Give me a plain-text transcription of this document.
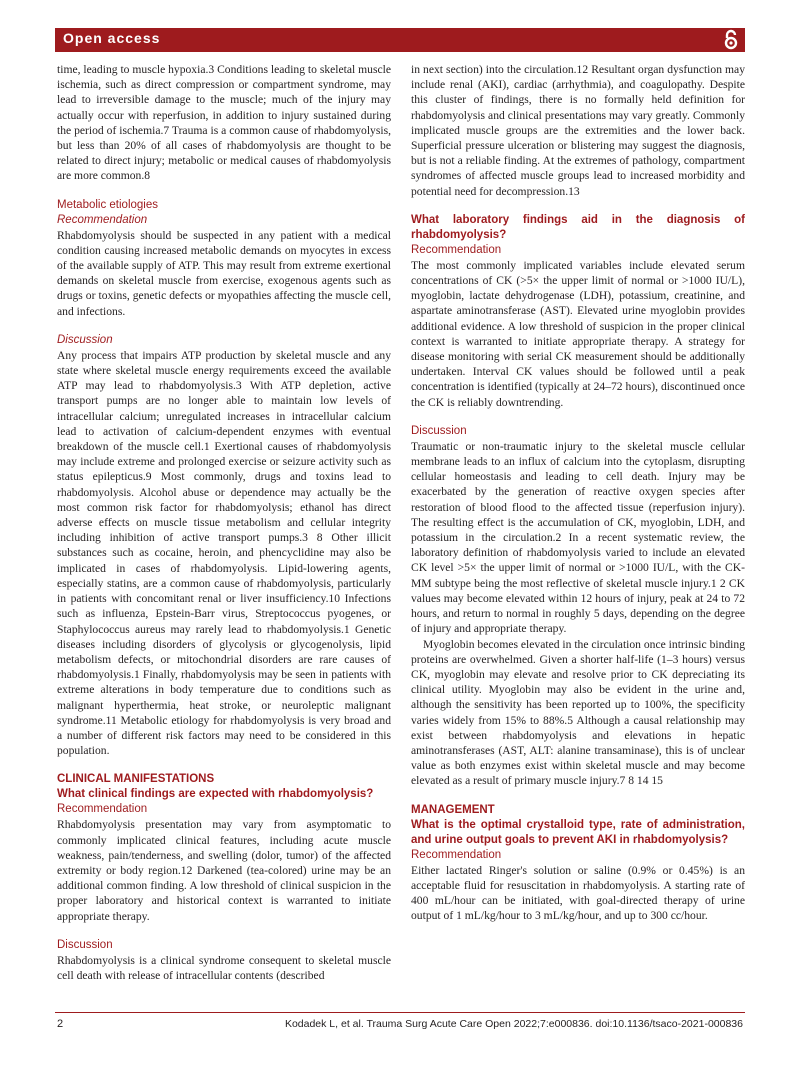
Open access

time, leading to muscle hypoxia.3 Conditions leading to skeletal muscle ischemia, such as direct compression or compartment syndrome, may lead to irreversible damage to the muscle; much of the injury may actually occur with reperfusion, in addition to injury sustained during the period of ischemia.7 Trauma is a common cause of rhabdomyolysis, but less than 20% of all cases of rhabdomyolysis are thought to be related to direct injury; metabolic or medical causes of rhabdomyolysis are more common.8

Metabolic etiologies
Recommendation

Rhabdomyolysis should be suspected in any patient with a medical condition causing increased metabolic demands on myocytes in excess of the available supply of ATP. This may result from extreme exertional demands on skeletal muscle from exercise, exogenous agents such as drugs or toxins, genetic defects or myopathies affecting the muscle cell, and infections.

Discussion

Any process that impairs ATP production by skeletal muscle and any state where skeletal muscle energy requirements exceed the available ATP may lead to rhabdomyolysis.3 With ATP depletion, active transport pumps are no longer able to maintain low levels of intracellular calcium; unregulated increases in intracellular calcium lead to activation of calcium-dependent enzymes with eventual breakdown of the muscle cell.1 Exertional causes of rhabdomyolysis may include extreme and prolonged exercise or seizure activity such as status epilepticus.9 Most commonly, drugs and toxins lead to rhabdomyolysis. Alcohol abuse or dependence may actually be the most common risk factor for rhabdomyolysis; ethanol has direct adverse effects on muscle tissue metabolism and cellular integrity including inhibition of active transport pumps.3 8 Other illicit substances such as cocaine, heroin, and phencyclidine may also be implicated in cases of rhabdomyolysis. Lipid-lowering agents, especially statins, are a common cause of rhabdomyolysis, particularly in patients with concomitant renal or liver insufficiency.10 Infections such as influenza, Epstein-Barr virus, Streptococcus pyogenes, or Staphylococcus aureus may rarely lead to rhabdomyolysis.1 Genetic diseases including disorders of glycolysis or glycogenolysis, lipid metabolism defects, or mitochondrial disorders are rare causes of rhabdomyolysis.1 Finally, rhabdomyolysis may be seen in patients with extreme alterations in body temperature due to conditions such as malignant hyperthermia, heat stroke, or neuroleptic malignant syndrome.11 Metabolic etiology for rhabdomyolysis is very broad and a number of different risk factors may need to be considered in this population.

CLINICAL MANIFESTATIONS
What clinical findings are expected with rhabdomyolysis?
Recommendation

Rhabdomyolysis presentation may vary from asymptomatic to commonly implicated clinical features, including acute muscle weakness, pain/tenderness, and swelling (dolor, tumor) of the affected extremity or body region.12 Darkened (tea-colored) urine may be an additional common finding. A low threshold of clinical suspicion in the proper laboratory and historical context is warranted to initiate appropriate therapy.

Discussion

Rhabdomyolysis is a clinical syndrome consequent to skeletal muscle cell death with release of intracellular contents (described

in next section) into the circulation.12 Resultant organ dysfunction may include renal (AKI), cardiac (arrhythmia), and coagulopathy. Despite this cluster of findings, there is no formally held definition for rhabdomyolysis and clinical presentations may vary greatly. Commonly implicated muscle groups are the extremities and the lower back. Superficial pressure ulceration or blistering may suggest the diagnosis, but is not a reliable finding. At the extremes of pathology, compartment syndromes of affected muscle groups lead to increased morbidity and potential need for decompression.13

What laboratory findings aid in the diagnosis of rhabdomyolysis?
Recommendation

The most commonly implicated variables include elevated serum concentrations of CK (>5× the upper limit of normal or >1000 IU/L), myoglobin, lactate dehydrogenase (LDH), potassium, creatinine, and aspartate aminotransferase (AST). Elevated urine myoglobin provides additional evidence. A low threshold of suspicion in the proper clinical context is warranted to initiate appropriate therapy. A strategy for disease monitoring with serial CK measurement should be additionally undertaken. Interval CK values should be followed until a peak concentration is identified (typically at 24–72 hours), discontinued once the CK is reliably downtrending.

Discussion

Traumatic or non-traumatic injury to the skeletal muscle cellular membrane leads to an influx of calcium into the cytoplasm, disrupting cellular homeostasis and leading to cell death. Injury may be exacerbated by the generation of reactive oxygen species after restoration of blood flood to the affected tissue (reperfusion injury). The resulting effect is the accumulation of CK, myoglobin, LDH, and potassium in the circulation.2 In a recent systematic review, the laboratory definition of rhabdomyolysis varied to include an elevated CK level >5× the upper limit of normal or >1000 IU/L, with the CK-MM subtype being the most reflective of skeletal muscle injury.1 2 CK values may become elevated within 12 hours of injury, peak at 24 to 72 hours, and return to normal in roughly 5 days, depending on the degree of injury and appropriate therapy.

Myoglobin becomes elevated in the circulation once intrinsic binding proteins are overwhelmed. Given a shorter half-life (1–3 hours) versus CK, myoglobin may elevate and resolve prior to CK depreciating its clinical utility. Myoglobin may also be evident in the urine and, although the sensitivity has been reported up to 100%, the specificity varies widely from 15% to 88%.5 Although a causal relationship may exist between rhabdomyolysis and elevations in hepatic aminotransferases (AST, ALT: alanine transaminase), this is of unclear value as both enzymes exist within skeletal muscle and may become elevated as a result of primary muscle injury.7 8 14 15

MANAGEMENT
What is the optimal crystalloid type, rate of administration, and urine output goals to prevent AKI in rhabdomyolysis?
Recommendation

Either lactated Ringer's solution or saline (0.9% or 0.45%) is an acceptable fluid for resuscitation in rhabdomyolysis. A starting rate of 400 mL/hour can be initiated, with goal-directed therapy of urine output of 1 mL/kg/hour to 3 mL/kg/hour, and up to 300 cc/hour.

2	Kodadek L, et al. Trauma Surg Acute Care Open 2022;7:e000836. doi:10.1136/tsaco-2021-000836
